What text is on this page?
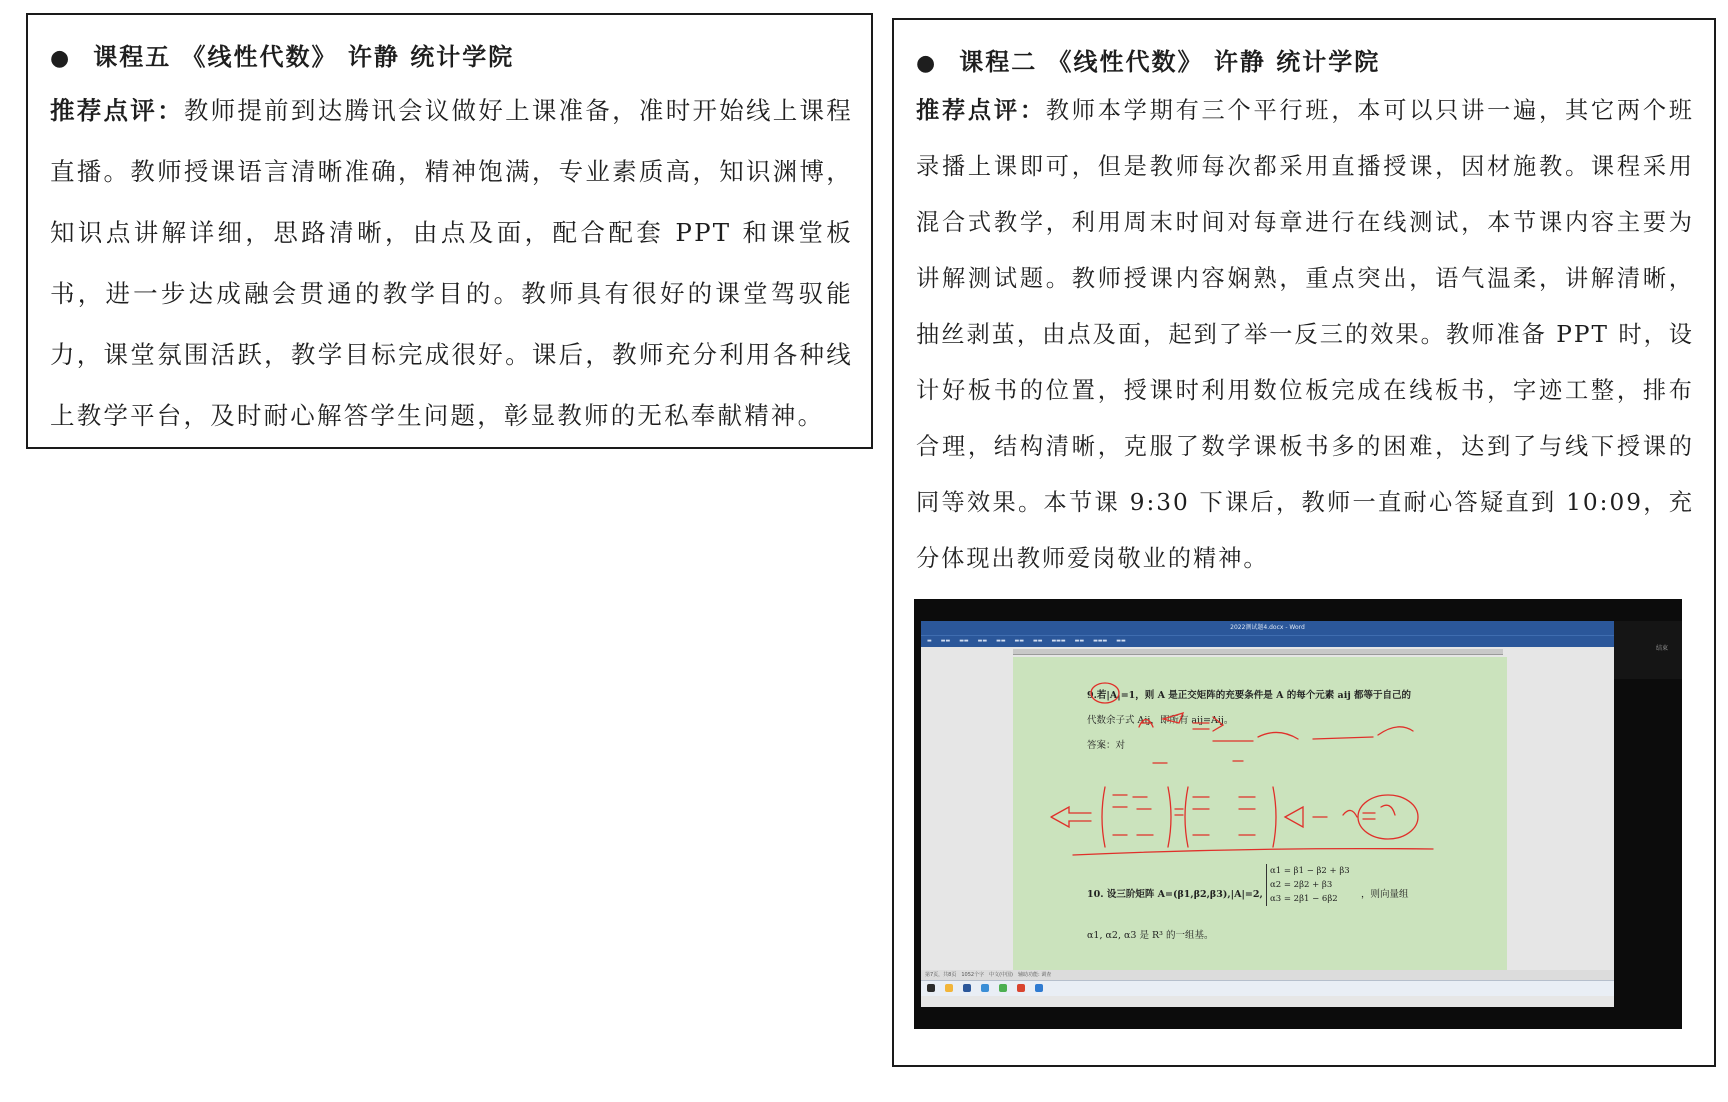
● 课程五 《线性代数》 许静 统计学院

推荐点评：教师提前到达腾讯会议做好上课准备，准时开始线上课程直播。教师授课语言清晰准确，精神饱满，专业素质高，知识渊博，知识点讲解详细，思路清晰，由点及面，配合配套 PPT 和课堂板书，进一步达成融会贯通的教学目的。教师具有很好的课堂驾驭能力，课堂氛围活跃，教学目标完成很好。课后，教师充分利用各种线上教学平台，及时耐心解答学生问题，彰显教师的无私奉献精神。

● 课程二 《线性代数》 许静 统计学院

推荐点评：教师本学期有三个平行班，本可以只讲一遍，其它两个班录播上课即可，但是教师每次都采用直播授课，因材施教。课程采用混合式教学，利用周末时间对每章进行在线测试，本节课内容主要为讲解测试题。教师授课内容娴熟，重点突出，语气温柔，讲解清晰，抽丝剥茧，由点及面，起到了举一反三的效果。教师准备 PPT 时，设计好板书的位置，授课时利用数位板完成在线板书，字迹工整，排布合理，结构清晰，克服了数学课板书多的困难，达到了与线下授课的同等效果。本节课 9:30 下课后，教师一直耐心答疑直到 10:09，充分体现出教师爱岗敬业的精神。

2022测试题4.docx - Word
▬ ▬▬ ▬▬ ▬▬ ▬▬ ▬▬ ▬▬ ▬▬▬ ▬▬ ▬▬▬ ▬▬
9.若|A|=1，则 A 是正交矩阵的充要条件是 A 的每个元素 aij 都等于自己的
代数余子式 Aij，即所有 aij=Aij。
答案：对
10. 设三阶矩阵 A=(β1,β2,β3),|A|=2,
α1 = β1 − β2 + β3
α2 = 2β2 + β3
α3 = 2β1 − 6β2	，则向量组
α1, α2, α3 是 R³ 的一组基。
第7页，共8页　1052个字　中文(中国)　辅助功能: 调查
结束
